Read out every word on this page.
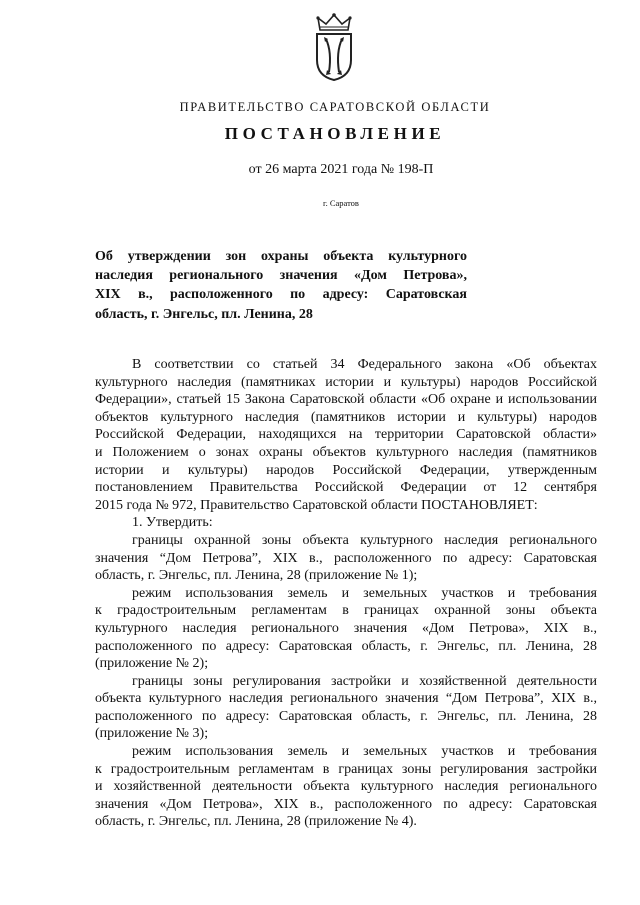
ПРАВИТЕЛЬСТВО САРАТОВСКОЙ ОБЛАСТИ
ПОСТАНОВЛЕНИЕ
от 26 марта 2021 года № 198-П
г. Саратов
Об утверждении зон охраны объекта культурного
наследия регионального значения «Дом Петрова»,
XIX в., расположенного по адресу: Саратовская
область, г. Энгельс, пл. Ленина, 28
В соответствии со статьей 34 Федерального закона «Об объектах
культурного наследия (памятниках истории и культуры) народов Российской
Федерации», статьей 15 Закона Саратовской области «Об охране и использовании
объектов культурного наследия (памятников истории и культуры) народов
Российской Федерации, находящихся на территории Саратовской области»
и Положением о зонах охраны объектов культурного наследия (памятников
истории и культуры) народов Российской Федерации, утвержденным
постановлением Правительства Российской Федерации от 12 сентября
2015 года № 972, Правительство Саратовской области ПОСТАНОВЛЯЕТ:
1. Утвердить:
границы охранной зоны объекта культурного наследия регионального
значения “Дом Петрова”, XIX в., расположенного по адресу: Саратовская
область, г. Энгельс, пл. Ленина, 28 (приложение № 1);
режим использования земель и земельных участков и требования
к градостроительным регламентам в границах охранной зоны объекта
культурного наследия регионального значения «Дом Петрова», XIX в.,
расположенного по адресу: Саратовская область, г. Энгельс, пл. Ленина, 28
(приложение № 2);
границы зоны регулирования застройки и хозяйственной деятельности
объекта культурного наследия регионального значения “Дом Петрова”, XIX в.,
расположенного по адресу: Саратовская область, г. Энгельс, пл. Ленина, 28
(приложение № 3);
режим использования земель и земельных участков и требования
к градостроительным регламентам в границах зоны регулирования застройки
и хозяйственной деятельности объекта культурного наследия регионального
значения «Дом Петрова», XIX в., расположенного по адресу: Саратовская
область, г. Энгельс, пл. Ленина, 28 (приложение № 4).
